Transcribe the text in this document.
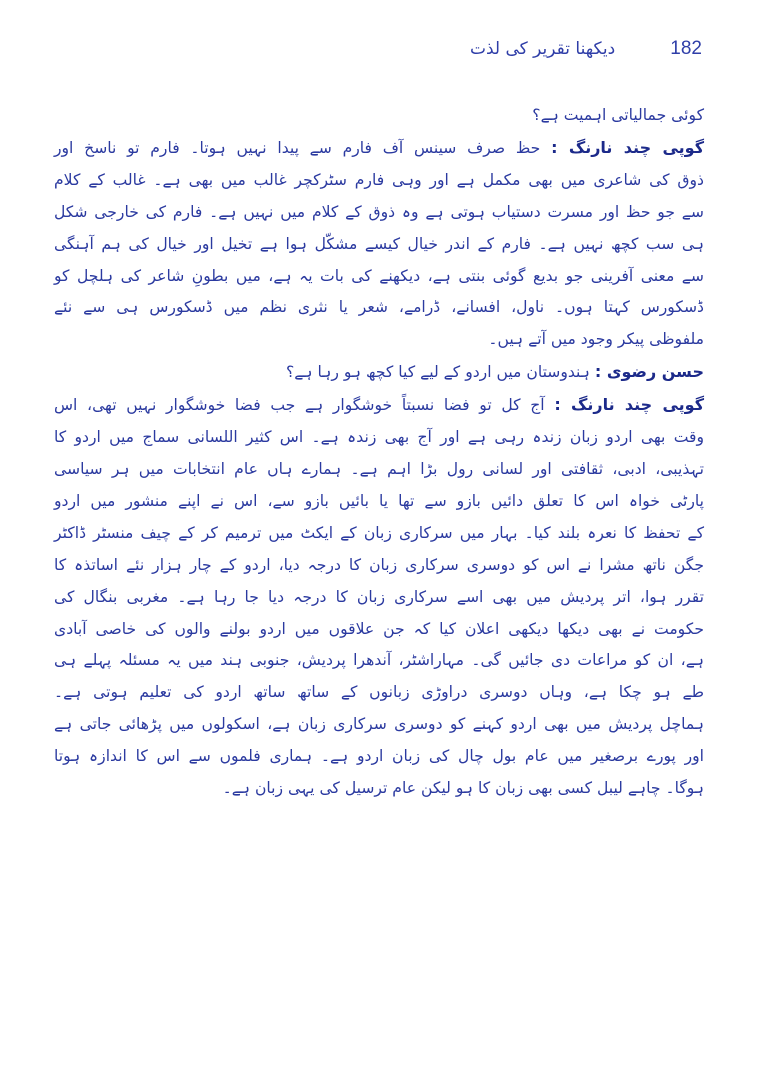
دیکھنا تقریر کی لذت	182
کوئی جمالیاتی اہمیت ہے؟
گوپی چند نارنگ : حظ صرف سینس آف فارم سے پیدا نہیں ہوتا۔ فارم تو ناسخ اور
ذوق کی شاعری میں بھی مکمل ہے اور وہی فارم سٹرکچر غالب میں بھی ہے۔ غالب کے کلام
سے جو حظ اور مسرت دستیاب ہوتی ہے وہ ذوق کے کلام میں نہیں ہے۔ فارم کی خارجی شکل
ہی سب کچھ نہیں ہے۔ فارم کے اندر خیال کیسے مشکّل ہوا ہے تخیل اور خیال کی ہم آہنگی
سے معنی آفرینی جو بدیع گوئی بنتی ہے، دیکھنے کی بات یہ ہے، میں بطونِ شاعر کی ہلچل کو
ڈسکورس کہتا ہوں۔ ناول، افسانے، ڈرامے، شعر یا نثری نظم میں ڈسکورس ہی سے نئے
ملفوظی پیکر وجود میں آتے ہیں۔
حسن رضوی : ہندوستان میں اردو کے لیے کیا کچھ ہو رہا ہے؟
گوپی چند نارنگ : آج کل تو فضا نسبتاً خوشگوار ہے جب فضا خوشگوار نہیں تھی، اس
وقت بھی اردو زبان زندہ رہی ہے اور آج بھی زندہ ہے۔ اس کثیر اللسانی سماج میں اردو کا
تہذیبی، ادبی، ثقافتی اور لسانی رول بڑا اہم ہے۔ ہمارے ہاں عام انتخابات میں ہر سیاسی
پارٹی خواہ اس کا تعلق دائیں بازو سے تھا یا بائیں بازو سے، اس نے اپنے منشور میں اردو
کے تحفظ کا نعرہ بلند کیا۔ بہار میں سرکاری زبان کے ایکٹ میں ترمیم کر کے چیف منسٹر ڈاکٹر
جگن ناتھ مشرا نے اس کو دوسری سرکاری زبان کا درجہ دیا، اردو کے چار ہزار نئے اساتذہ کا
تقرر ہوا، اتر پردیش میں بھی اسے سرکاری زبان کا درجہ دیا جا رہا ہے۔ مغربی بنگال کی
حکومت نے بھی دیکھا دیکھی اعلان کیا کہ جن علاقوں میں اردو بولنے والوں کی خاصی آبادی
ہے، ان کو مراعات دی جائیں گی۔ مہاراشٹر، آندھرا پردیش، جنوبی ہند میں یہ مسئلہ پہلے ہی
طے ہو چکا ہے، وہاں دوسری دراوڑی زبانوں کے ساتھ ساتھ اردو کی تعلیم ہوتی ہے۔
ہماچل پردیش میں بھی اردو کہنے کو دوسری سرکاری زبان ہے، اسکولوں میں پڑھائی جاتی ہے
اور پورے برصغیر میں عام بول چال کی زبان اردو ہے۔ ہماری فلموں سے اس کا اندازہ ہوتا
ہوگا۔ چاہے لیبل کسی بھی زبان کا ہو لیکن عام ترسیل کی یہی زبان ہے۔
